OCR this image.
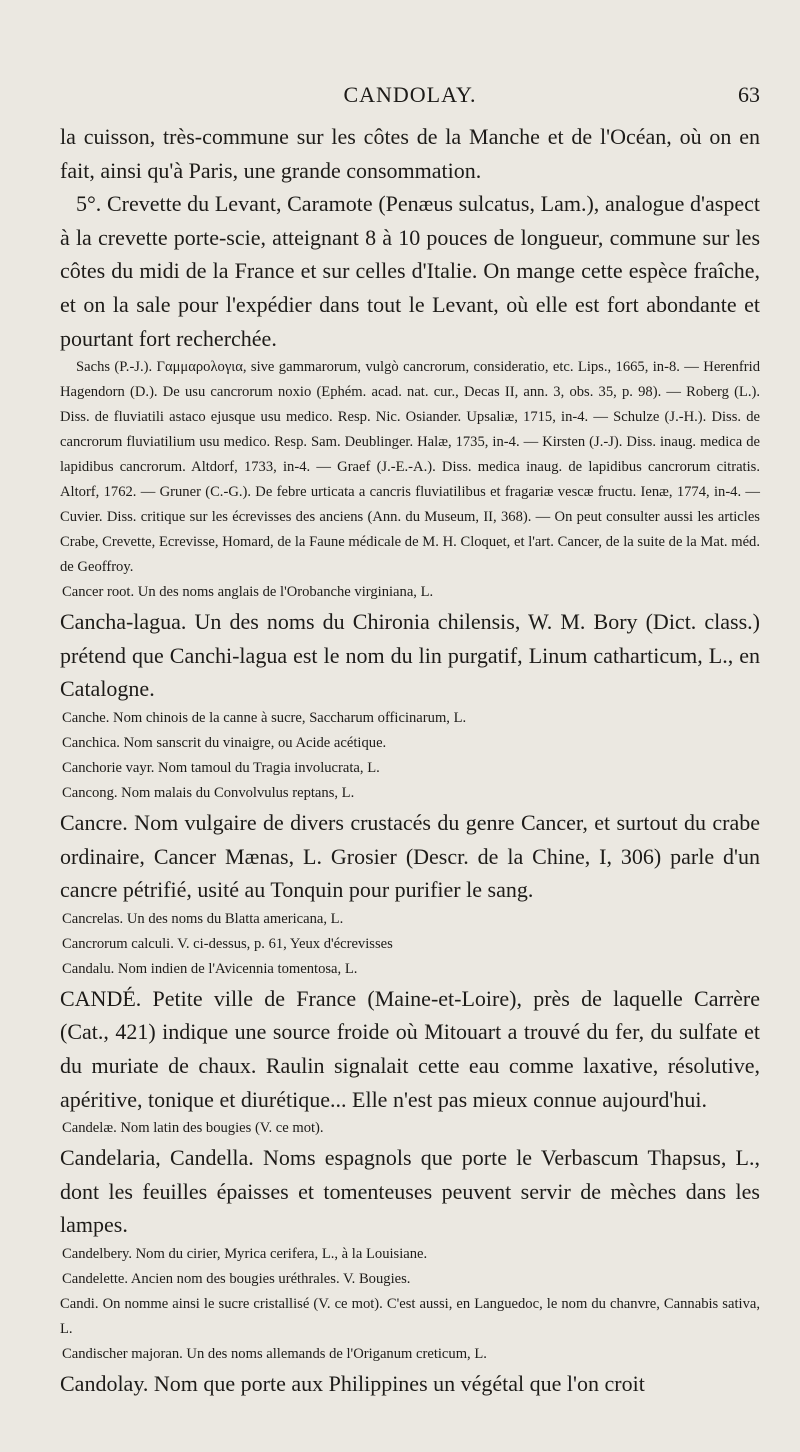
CANDOLAY.	63

la cuisson, très-commune sur les côtes de la Manche et de l'Océan, où on en fait, ainsi qu'à Paris, une grande consommation.

5°. Crevette du Levant, Caramote (Penæus sulcatus, Lam.), analogue d'aspect à la crevette porte-scie, atteignant 8 à 10 pouces de longueur, commune sur les côtes du midi de la France et sur celles d'Italie. On mange cette espèce fraîche, et on la sale pour l'expédier dans tout le Levant, où elle est fort abondante et pourtant fort recherchée.

Sachs (P.-J.). Γαμμαρολογια, sive gammarorum, vulgò cancrorum, consideratio, etc. Lips., 1665, in-8. — Herenfrid Hagendorn (D.). De usu cancrorum noxio (Ephém. acad. nat. cur., Decas II, ann. 3, obs. 35, p. 98). — Roberg (L.). Diss. de fluviatili astaco ejusque usu medico. Resp. Nic. Osiander. Upsaliæ, 1715, in-4. — Schulze (J.-H.). Diss. de cancrorum fluviatilium usu medico. Resp. Sam. Deublinger. Halæ, 1735, in-4. — Kirsten (J.-J). Diss. inaug. medica de lapidibus cancrorum. Altdorf, 1733, in-4. — Graef (J.-E.-A.). Diss. medica inaug. de lapidibus cancrorum citratis. Altorf, 1762. — Gruner (C.-G.). De febre urticata a cancris fluviatilibus et fragariæ vescæ fructu. Ienæ, 1774, in-4. — Cuvier. Diss. critique sur les écrevisses des anciens (Ann. du Museum, II, 368). — On peut consulter aussi les articles Crabe, Crevette, Ecrevisse, Homard, de la Faune médicale de M. H. Cloquet, et l'art. Cancer, de la suite de la Mat. méd. de Geoffroy.

Cancer root. Un des noms anglais de l'Orobanche virginiana, L.

Cancha-lagua. Un des noms du Chironia chilensis, W. M. Bory (Dict. class.) prétend que Canchi-lagua est le nom du lin purgatif, Linum catharticum, L., en Catalogne.

Canche. Nom chinois de la canne à sucre, Saccharum officinarum, L.

Canchica. Nom sanscrit du vinaigre, ou Acide acétique.

Canchorie vayr. Nom tamoul du Tragia involucrata, L.

Cancong. Nom malais du Convolvulus reptans, L.

Cancre. Nom vulgaire de divers crustacés du genre Cancer, et surtout du crabe ordinaire, Cancer Mænas, L. Grosier (Descr. de la Chine, I, 306) parle d'un cancre pétrifié, usité au Tonquin pour purifier le sang.

Cancrelas. Un des noms du Blatta americana, L.

Cancrorum calculi. V. ci-dessus, p. 61, Yeux d'écrevisses

Candalu. Nom indien de l'Avicennia tomentosa, L.

CANDÉ. Petite ville de France (Maine-et-Loire), près de laquelle Carrère (Cat., 421) indique une source froide où Mitouart a trouvé du fer, du sulfate et du muriate de chaux. Raulin signalait cette eau comme laxative, résolutive, apéritive, tonique et diurétique... Elle n'est pas mieux connue aujourd'hui.

Candelæ. Nom latin des bougies (V. ce mot).

Candelaria, Candella. Noms espagnols que porte le Verbascum Thapsus, L., dont les feuilles épaisses et tomenteuses peuvent servir de mèches dans les lampes.

Candelbery. Nom du cirier, Myrica cerifera, L., à la Louisiane.

Candelette. Ancien nom des bougies uréthrales. V. Bougies.

Candi. On nomme ainsi le sucre cristallisé (V. ce mot). C'est aussi, en Languedoc, le nom du chanvre, Cannabis sativa, L.

Candischer majoran. Un des noms allemands de l'Origanum creticum, L.

Candolay. Nom que porte aux Philippines un végétal que l'on croit
